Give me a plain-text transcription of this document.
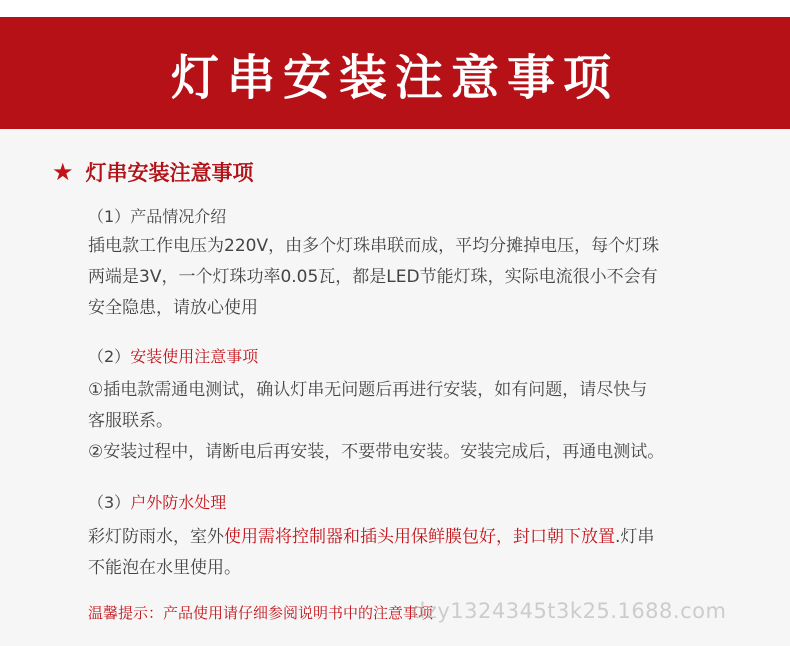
灯串安装注意事项
★ 灯串安装注意事项
（1）产品情况介绍
插电款工作电压为220V，由多个灯珠串联而成，平均分摊掉电压，每个灯珠
两端是3V，一个灯珠功率0.05瓦，都是LED节能灯珠，实际电流很小不会有
安全隐患，请放心使用
（2）安装使用注意事项
①插电款需通电测试，确认灯串无问题后再进行安装，如有问题，请尽快与
客服联系。
②安装过程中，请断电后再安装，不要带电安装。安装完成后，再通电测试。
（3）户外防水处理
彩灯防雨水，室外使用需将控制器和插头用保鲜膜包好，封口朝下放置.灯串
不能泡在水里使用。
温馨提示：产品使用请仔细参阅说明书中的注意事项
dzy1324345t3k25.1688.com
